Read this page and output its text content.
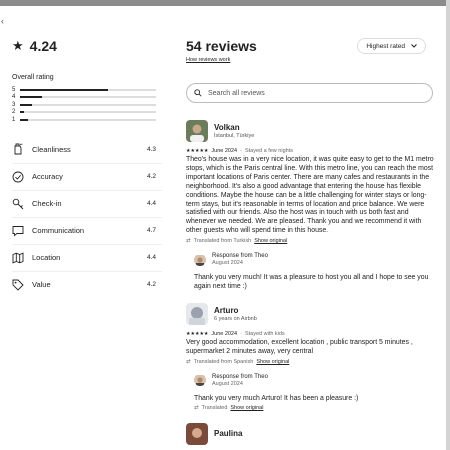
‹
★ 4.24
Overall rating
5
4
3
2
1
Cleanliness	4.3
Accuracy	4.2
Check-in	4.4
Communication	4.7
Location	4.4
Value	4.2
54 reviews
How reviews work
Highest rated
Search all reviews
Volkan
İstanbul, Türkiye
★★★★★ June 2024 · Stayed a few nights
Theo's house was in a very nice location, it was quite easy to get to the M1 metro stops, which is the Paris central line. With this metro line, you can reach the most important locations of Paris center. There are many cafes and restaurants in the neighborhood. It's also a good advantage that entering the house has flexible conditions. Maybe the house can be a little challenging for winter stays or long-term stays, but it's reasonable in terms of location and price balance. We were satisfied with our friends. Also the host was in touch with us both fast and whenever we needed. We are pleased. Thank you and we recommend it with other guests who will spend time in this house.
⇄ Translated from Turkish Show original
Response from Theo
August 2024
Thank you very much! It was a pleasure to host you all and I hope to see you again next time :)
Arturo
6 years on Airbnb
★★★★★ June 2024 · Stayed with kids
Very good accommodation, excellent location , public transport 5 minutes , supermarket 2 minutes away, very central
⇄ Translated from Spanish Show original
Response from Theo
August 2024
Thank you very much Arturo! It has been a pleasure :)
⇄ Translated Show original
Paulina
